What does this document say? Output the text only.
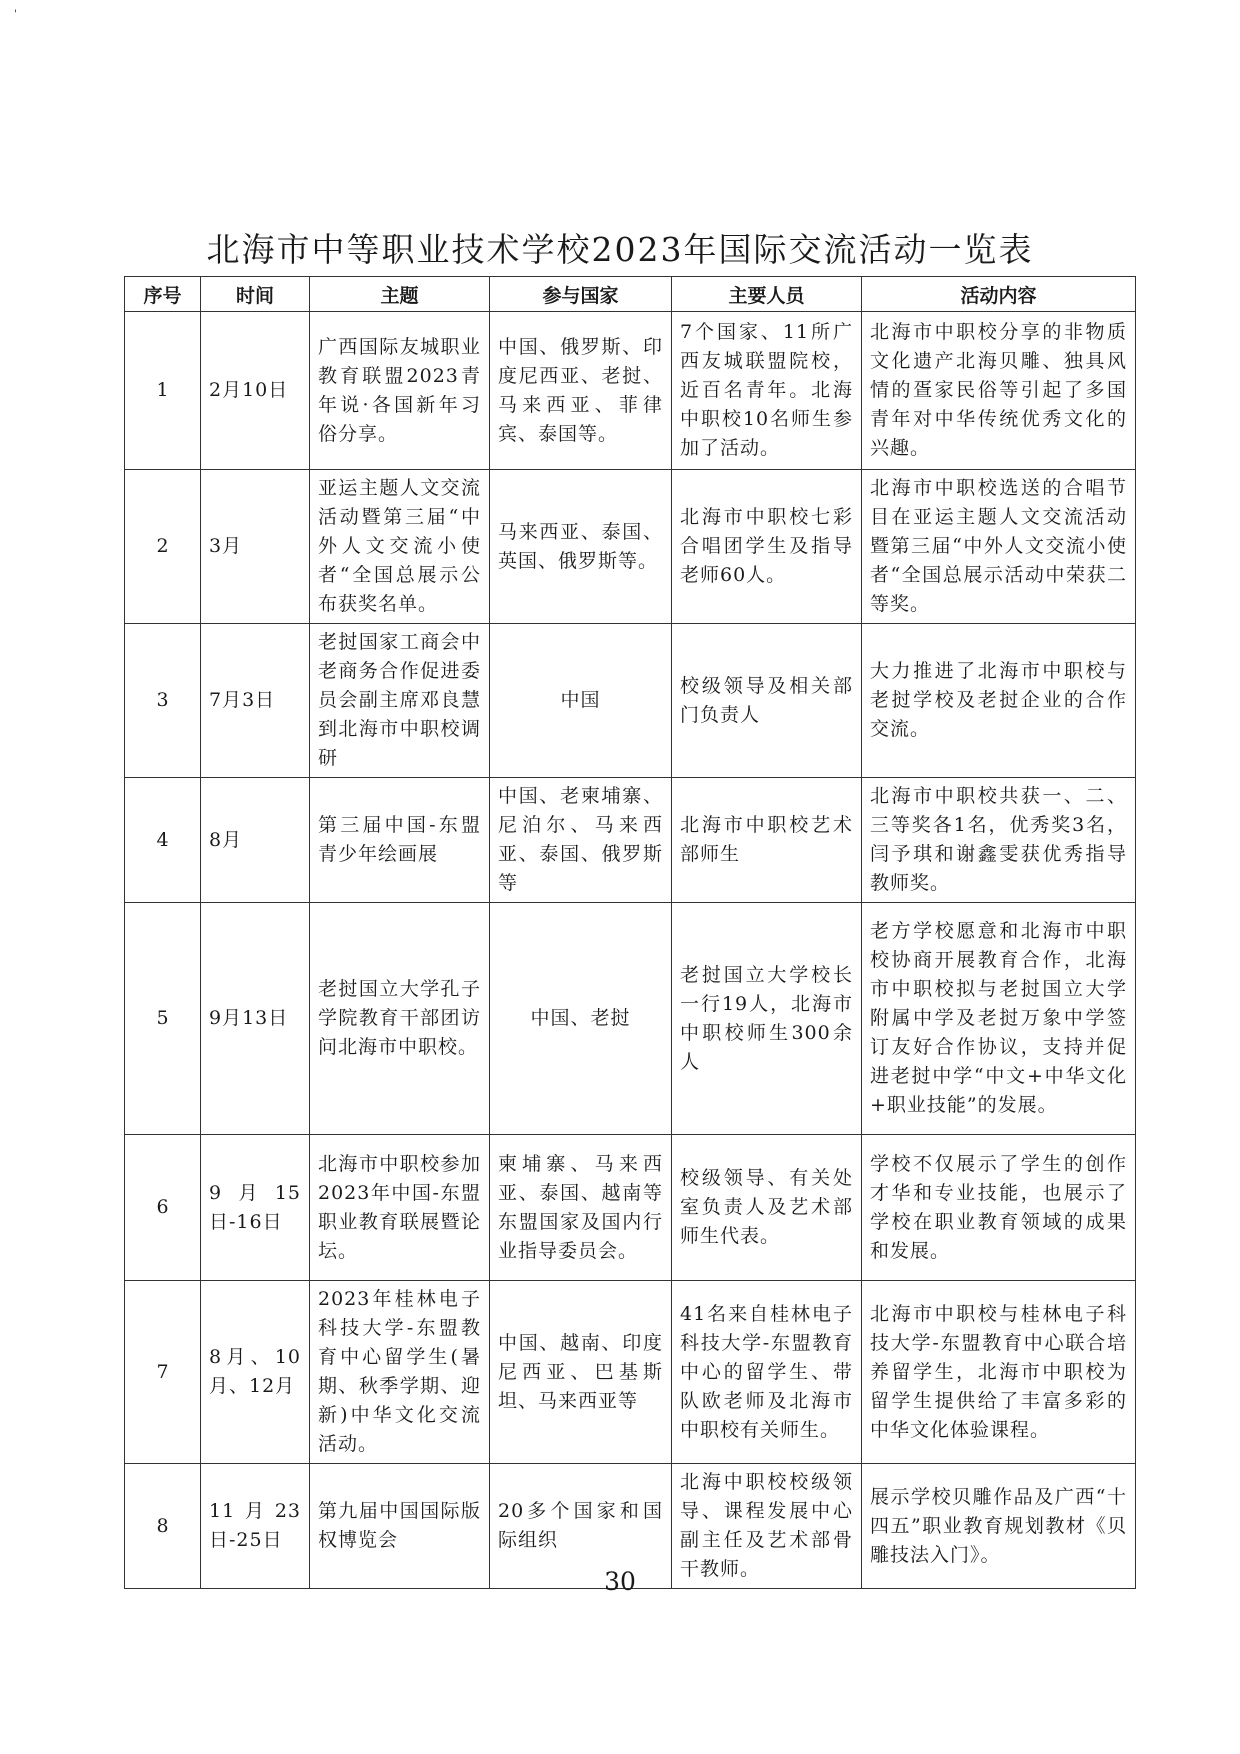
'
北海市中等职业技术学校2023年国际交流活动一览表
序号	时间	主题	参与国家	主要人员	活动内容
1	2月10日	广西国际友城职业教育联盟2023青年说·各国新年习俗分享。	中国、俄罗斯、印度尼西亚、老挝、马来西亚、菲律宾、泰国等。	7个国家、11所广西友城联盟院校，近百名青年。北海中职校10名师生参加了活动。	北海市中职校分享的非物质文化遗产北海贝雕、独具风情的疍家民俗等引起了多国青年对中华传统优秀文化的兴趣。
2	3月	亚运主题人文交流活动暨第三届“中外人文交流小使者“全国总展示公布获奖名单。	马来西亚、泰国、英国、俄罗斯等。	北海市中职校七彩合唱团学生及指导老师60人。	北海市中职校选送的合唱节目在亚运主题人文交流活动暨第三届“中外人文交流小使者“全国总展示活动中荣获二等奖。
3	7月3日	老挝国家工商会中老商务合作促进委员会副主席邓良慧到北海市中职校调研	中国	校级领导及相关部门负责人	大力推进了北海市中职校与老挝学校及老挝企业的合作交流。
4	8月	第三届中国-东盟青少年绘画展	中国、老柬埔寨、尼泊尔、马来西亚、泰国、俄罗斯等	北海市中职校艺术部师生	北海市中职校共获一、二、三等奖各1名，优秀奖3名，闫予琪和谢鑫雯获优秀指导教师奖。
5	9月13日	老挝国立大学孔子学院教育干部团访问北海市中职校。	中国、老挝	老挝国立大学校长一行19人，北海市中职校师生300余人	老方学校愿意和北海市中职校协商开展教育合作，北海市中职校拟与老挝国立大学附属中学及老挝万象中学签订友好合作协议，支持并促进老挝中学“中文+中华文化+职业技能”的发展。
6	9月15日-16日	北海市中职校参加2023年中国-东盟职业教育联展暨论坛。	柬埔寨、马来西亚、泰国、越南等东盟国家及国内行业指导委员会。	校级领导、有关处室负责人及艺术部师生代表。	学校不仅展示了学生的创作才华和专业技能，也展示了学校在职业教育领域的成果和发展。
7	8月、10月、12月	2023年桂林电子科技大学-东盟教育中心留学生(暑期、秋季学期、迎新)中华文化交流活动。	中国、越南、印度尼西亚、巴基斯坦、马来西亚等	41名来自桂林电子科技大学-东盟教育中心的留学生、带队欧老师及北海市中职校有关师生。	北海市中职校与桂林电子科技大学-东盟教育中心联合培养留学生，北海市中职校为留学生提供给了丰富多彩的中华文化体验课程。
8	11月23日-25日	第九届中国国际版权博览会	20多个国家和国际组织	北海中职校校级领导、课程发展中心副主任及艺术部骨干教师。	展示学校贝雕作品及广西“十四五”职业教育规划教材《贝雕技法入门》。
30
